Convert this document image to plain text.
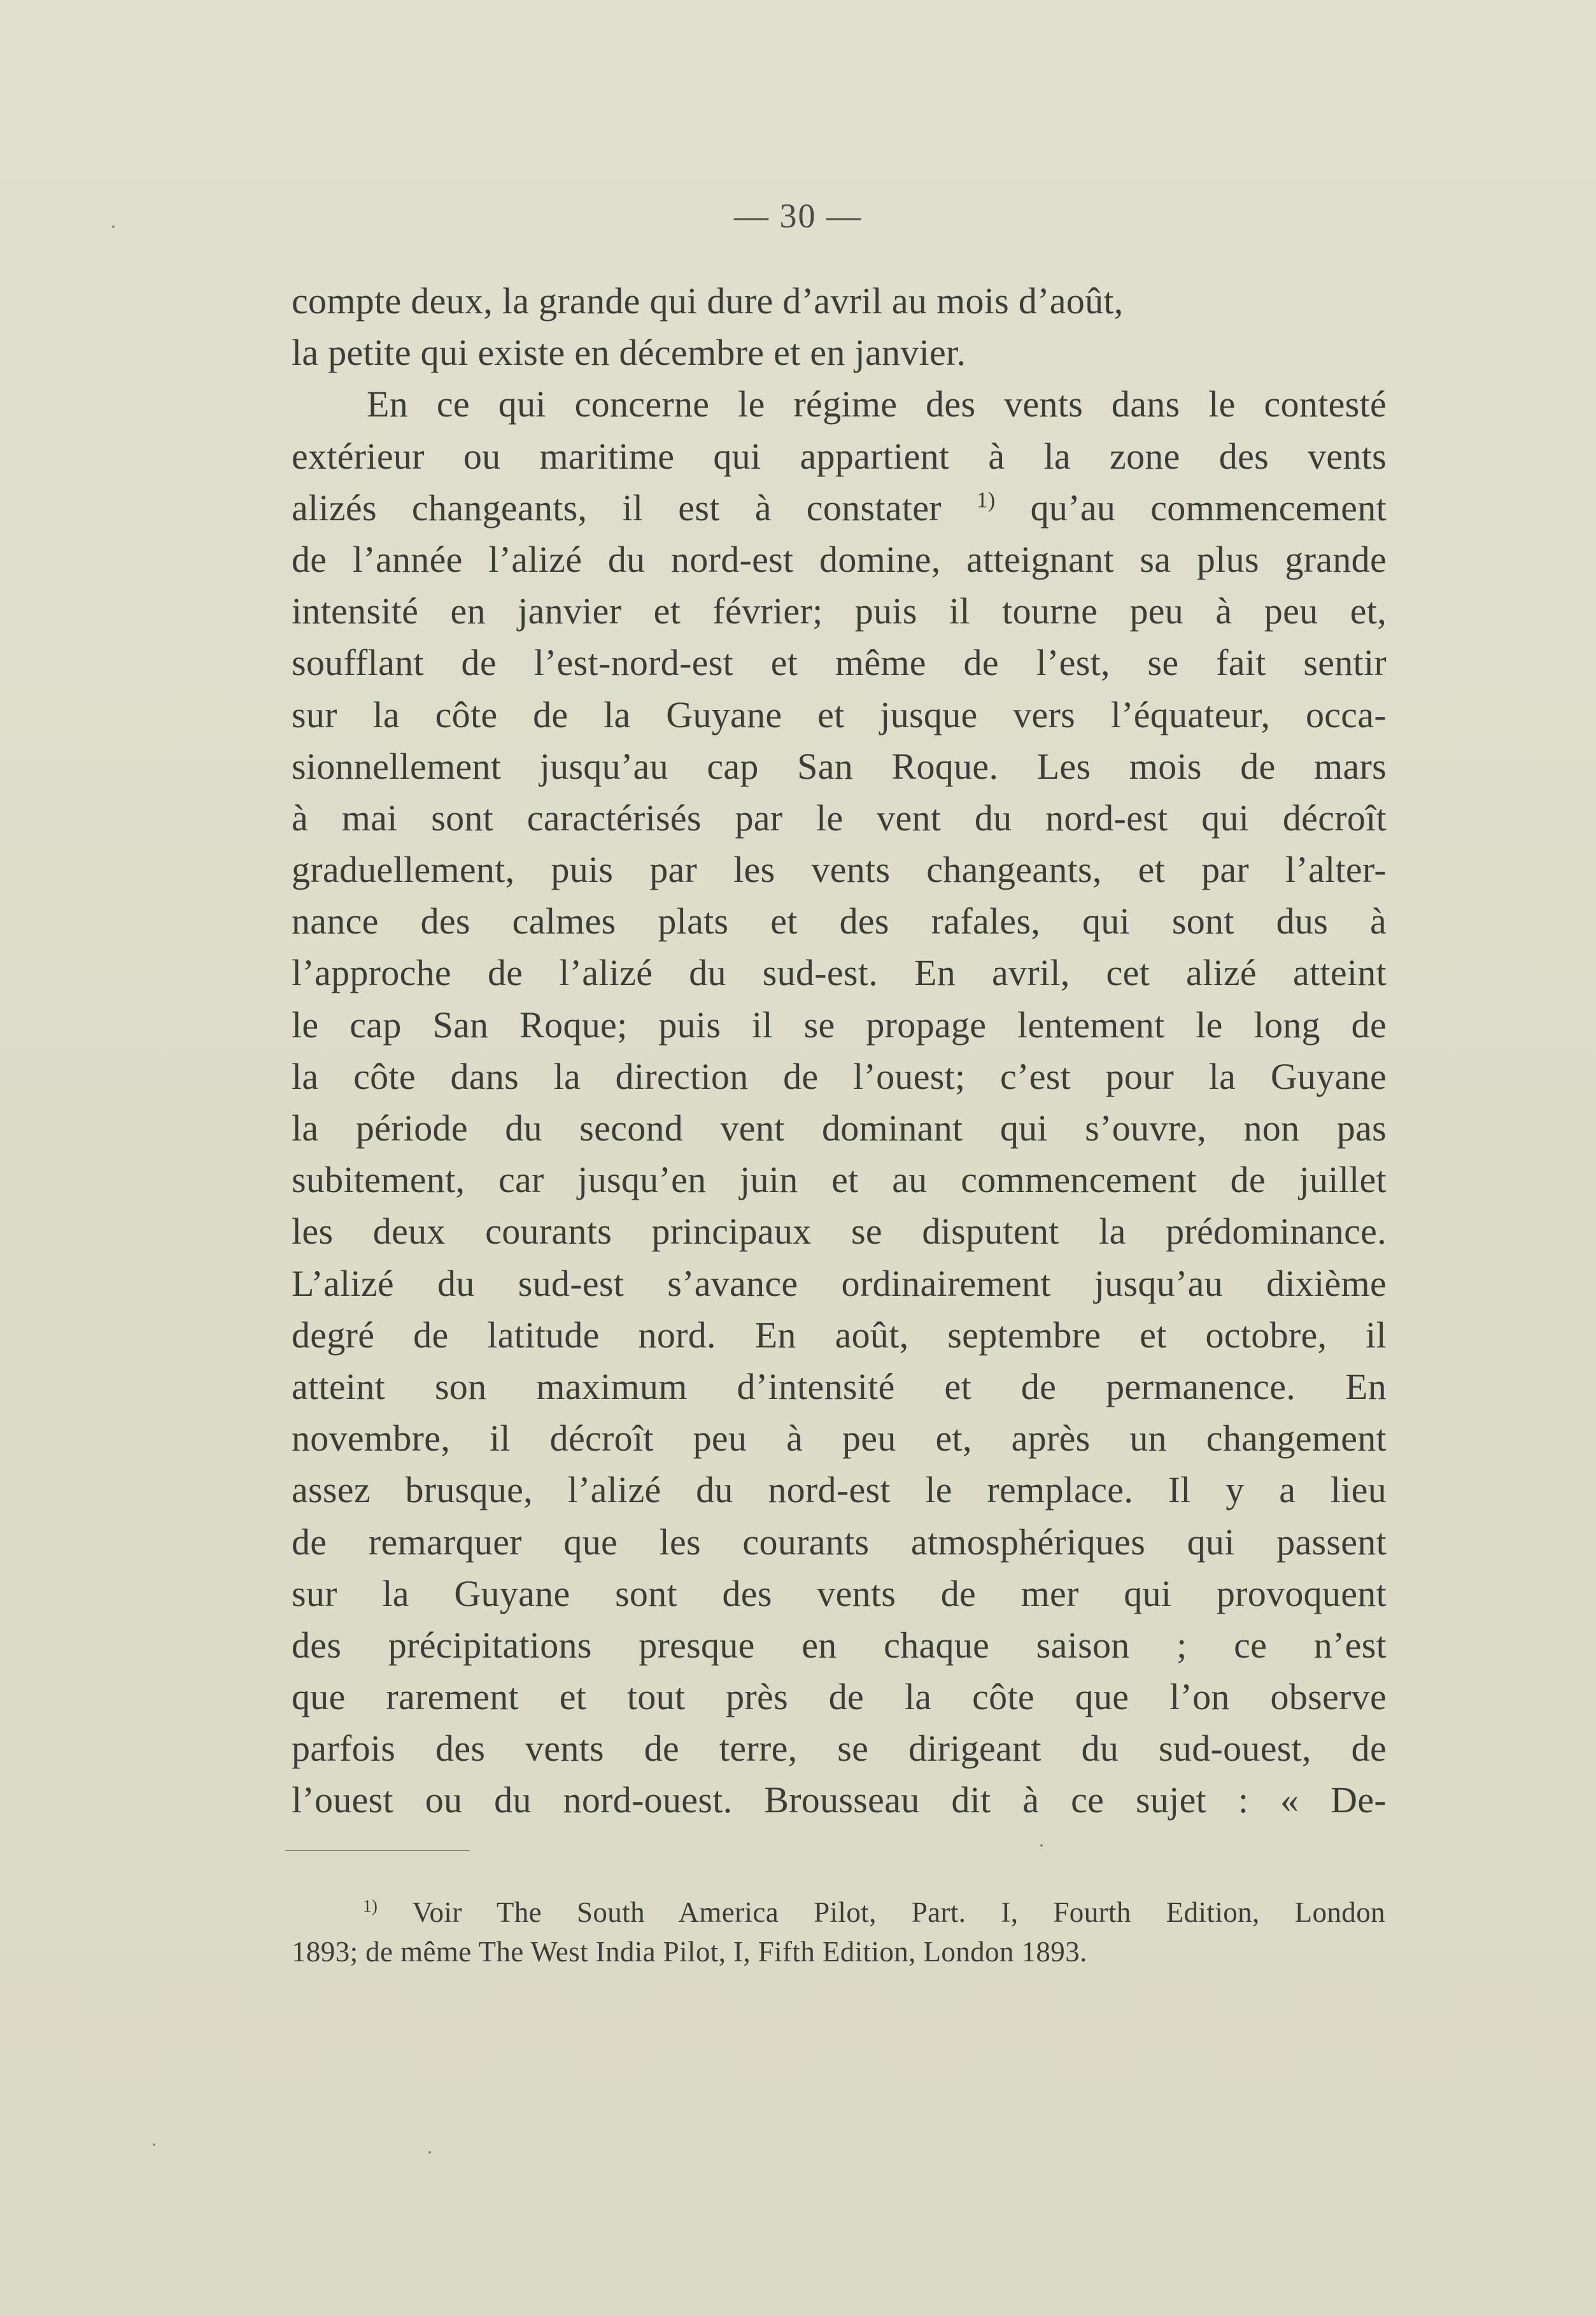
— 30 —
compte deux, la grande qui dure d’avril au mois d’août,
la petite qui existe en décembre et en janvier.
En ce qui concerne le régime des vents dans le contesté
extérieur ou maritime qui appartient à la zone des vents
alizés changeants, il est à constater $^{1)}$ qu’au commencement
de l’année l’alizé du nord-est domine, atteignant sa plus grande
intensité en janvier et février; puis il tourne peu à peu et,
soufflant de l’est-nord-est et même de l’est, se fait sentir
sur la côte de la Guyane et jusque vers l’équateur, occa-
sionnellement jusqu’au cap San Roque. Les mois de mars
à mai sont caractérisés par le vent du nord-est qui décroît
graduellement, puis par les vents changeants, et par l’alter-
nance des calmes plats et des rafales, qui sont dus à
l’approche de l’alizé du sud-est. En avril, cet alizé atteint
le cap San Roque; puis il se propage lentement le long de
la côte dans la direction de l’ouest; c’est pour la Guyane
la période du second vent dominant qui s’ouvre, non pas
subitement, car jusqu’en juin et au commencement de juillet
les deux courants principaux se disputent la prédominance.
L’alizé du sud-est s’avance ordinairement jusqu’au dixième
degré de latitude nord. En août, septembre et octobre, il
atteint son maximum d’intensité et de permanence. En
novembre, il décroît peu à peu et, après un changement
assez brusque, l’alizé du nord-est le remplace. Il y a lieu
de remarquer que les courants atmosphériques qui passent
sur la Guyane sont des vents de mer qui provoquent
des précipitations presque en chaque saison ; ce n’est
que rarement et tout près de la côte que l’on observe
parfois des vents de terre, se dirigeant du sud-ouest, de
l’ouest ou du nord-ouest. Brousseau dit à ce sujet : « De-
$^{1)}$ Voir The South America Pilot, Part. I, Fourth Edition, London
1893; de même The West India Pilot, I, Fifth Edition, London 1893.
